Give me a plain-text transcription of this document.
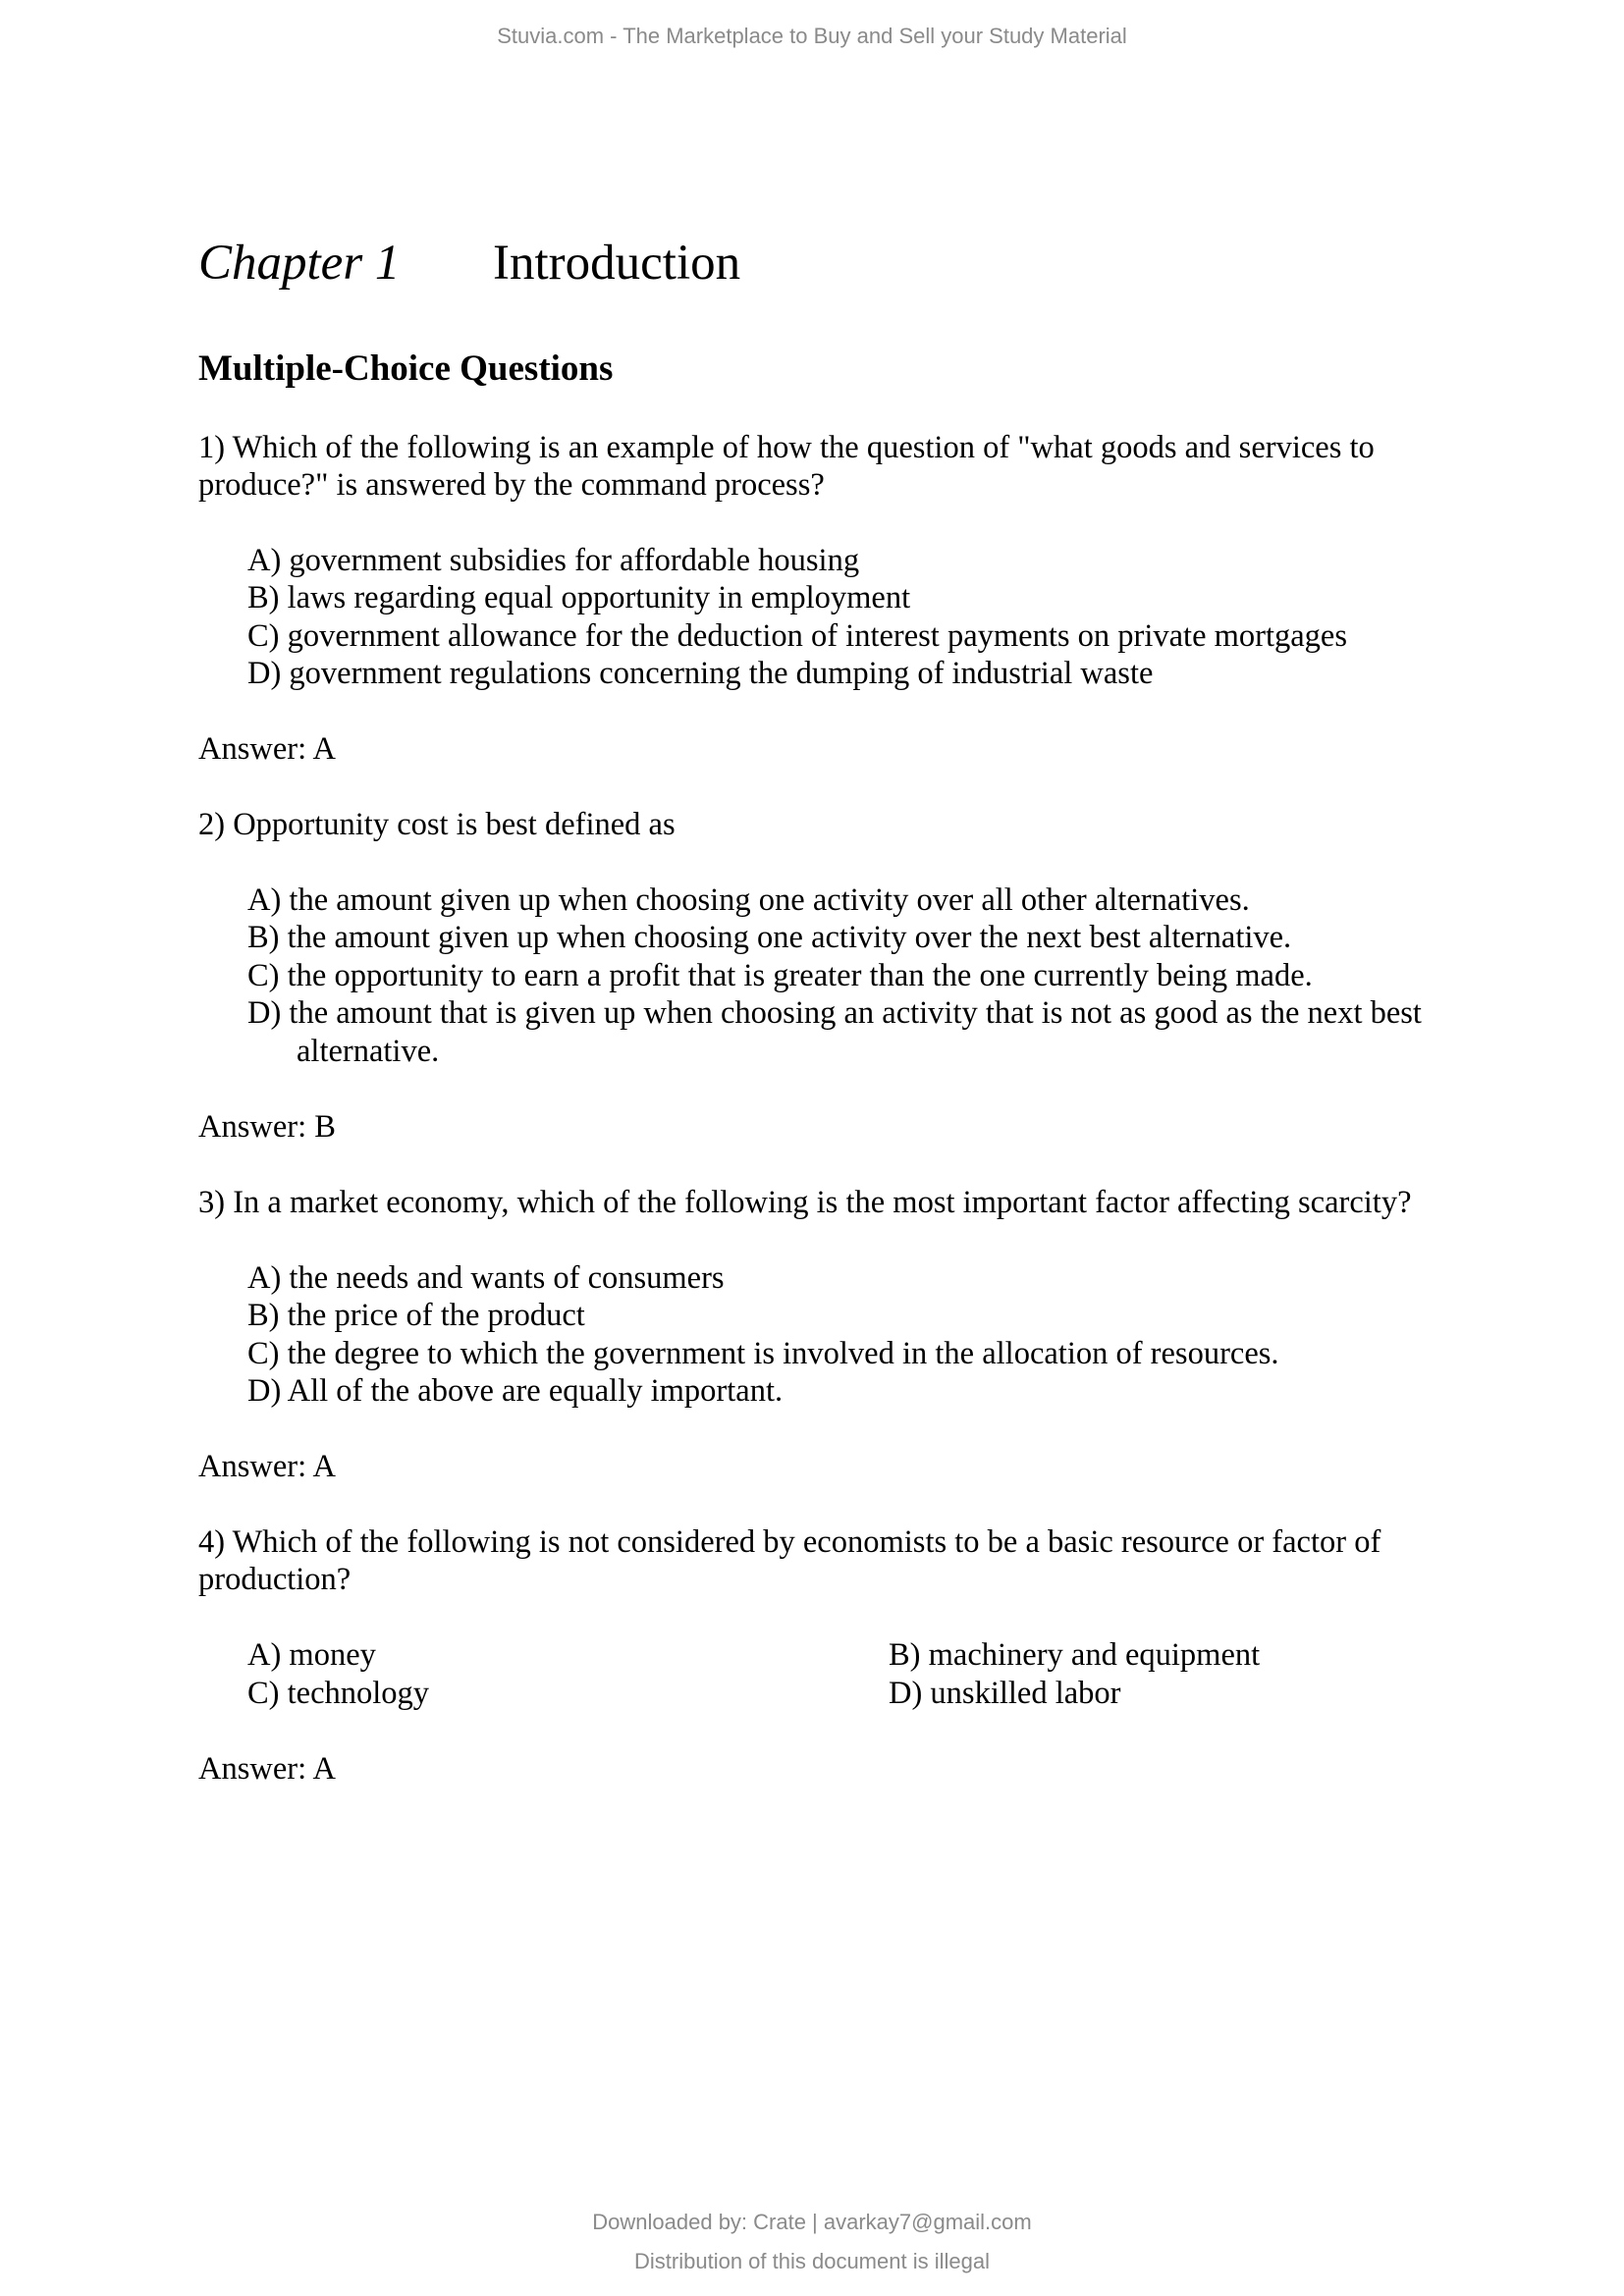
Stuvia.com - The Marketplace to Buy and Sell your Study Material
Chapter 1 Introduction
Multiple-Choice Questions
1) Which of the following is an example of how the question of "what goods and services to
produce?" is answered by the command process?
A) government subsidies for affordable housing
B) laws regarding equal opportunity in employment
C) government allowance for the deduction of interest payments on private mortgages
D) government regulations concerning the dumping of industrial waste
Answer: A
2) Opportunity cost is best defined as
A) the amount given up when choosing one activity over all other alternatives.
B) the amount given up when choosing one activity over the next best alternative.
C) the opportunity to earn a profit that is greater than the one currently being made.
D) the amount that is given up when choosing an activity that is not as good as the next best
alternative.
Answer: B
3) In a market economy, which of the following is the most important factor affecting scarcity?
A) the needs and wants of consumers
B) the price of the product
C) the degree to which the government is involved in the allocation of resources.
D) All of the above are equally important.
Answer: A
4) Which of the following is not considered by economists to be a basic resource or factor of
production?
A) money	B) machinery and equipment
C) technology	D) unskilled labor
Answer: A
Downloaded by: Crate | avarkay7@gmail.com
Distribution of this document is illegal
